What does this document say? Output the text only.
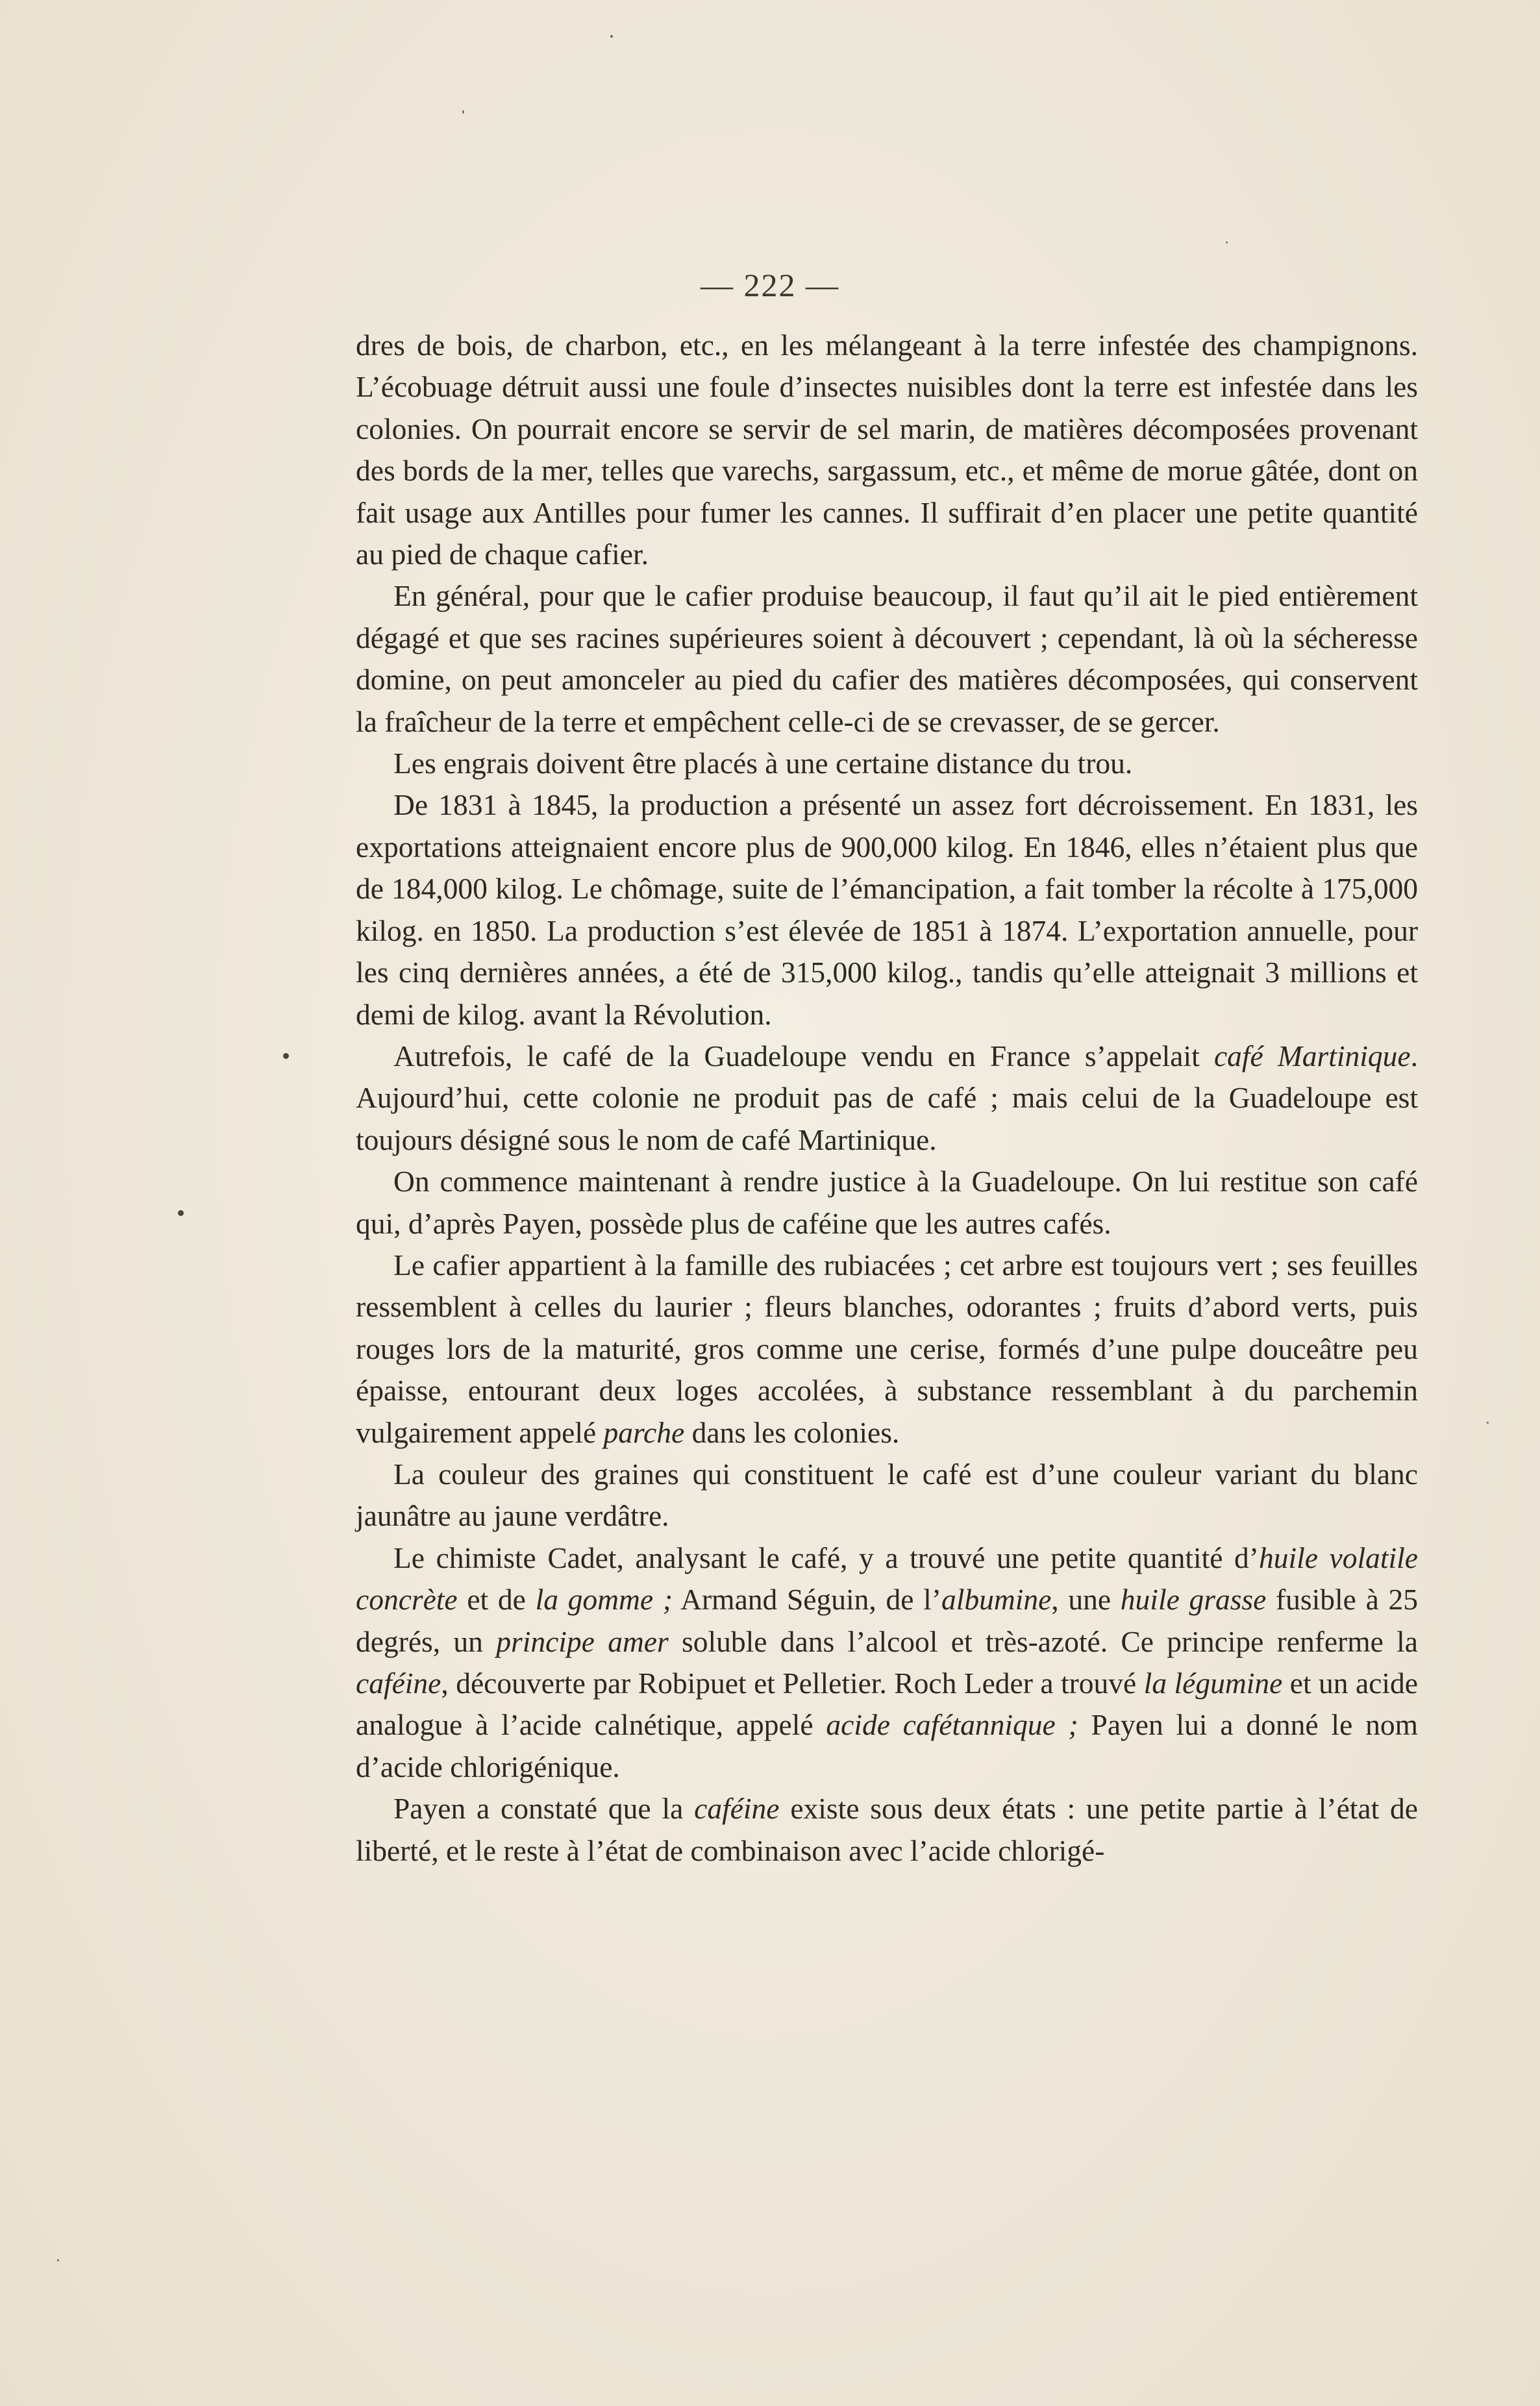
— 222 —

dres de bois, de charbon, etc., en les mélangeant à la terre infestée des champignons. L’écobuage détruit aussi une foule d’insectes nuisibles dont la terre est infestée dans les colonies. On pourrait encore se servir de sel marin, de matières décomposées provenant des bords de la mer, telles que varechs, sargassum, etc., et même de morue gâtée, dont on fait usage aux Antilles pour fumer les cannes. Il suffirait d’en placer une petite quantité au pied de chaque cafier.

En général, pour que le cafier produise beaucoup, il faut qu’il ait le pied entièrement dégagé et que ses racines supérieures soient à découvert ; cependant, là où la sécheresse domine, on peut amonceler au pied du cafier des matières décomposées, qui conservent la fraîcheur de la terre et empêchent celle-ci de se crevasser, de se gercer.

Les engrais doivent être placés à une certaine distance du trou.

De 1831 à 1845, la production a présenté un assez fort décroissement. En 1831, les exportations atteignaient encore plus de 900,000 kilog. En 1846, elles n’étaient plus que de 184,000 kilog. Le chômage, suite de l’émancipation, a fait tomber la récolte à 175,000 kilog. en 1850. La production s’est élevée de 1851 à 1874. L’exportation annuelle, pour les cinq dernières années, a été de 315,000 kilog., tandis qu’elle atteignait 3 millions et demi de kilog. avant la Révolution.

Autrefois, le café de la Guadeloupe vendu en France s’appelait café Martinique. Aujourd’hui, cette colonie ne produit pas de café ; mais celui de la Guadeloupe est toujours désigné sous le nom de café Martinique.

On commence maintenant à rendre justice à la Guadeloupe. On lui restitue son café qui, d’après Payen, possède plus de caféine que les autres cafés.

Le cafier appartient à la famille des rubiacées ; cet arbre est toujours vert ; ses feuilles ressemblent à celles du laurier ; fleurs blanches, odorantes ; fruits d’abord verts, puis rouges lors de la maturité, gros comme une cerise, formés d’une pulpe douceâtre peu épaisse, entourant deux loges accolées, à substance ressemblant à du parchemin vulgairement appelé parche dans les colonies.

La couleur des graines qui constituent le café est d’une couleur variant du blanc jaunâtre au jaune verdâtre.

Le chimiste Cadet, analysant le café, y a trouvé une petite quantité d’huile volatile concrète et de la gomme ; Armand Séguin, de l’albumine, une huile grasse fusible à 25 degrés, un principe amer soluble dans l’alcool et très-azoté. Ce principe renferme la caféine, découverte par Robipuet et Pelletier. Roch Leder a trouvé la légumine et un acide analogue à l’acide calnétique, appelé acide cafétannique ; Payen lui a donné le nom d’acide chlorigénique.

Payen a constaté que la caféine existe sous deux états : une petite partie à l’état de liberté, et le reste à l’état de combinaison avec l’acide chlorigé-
